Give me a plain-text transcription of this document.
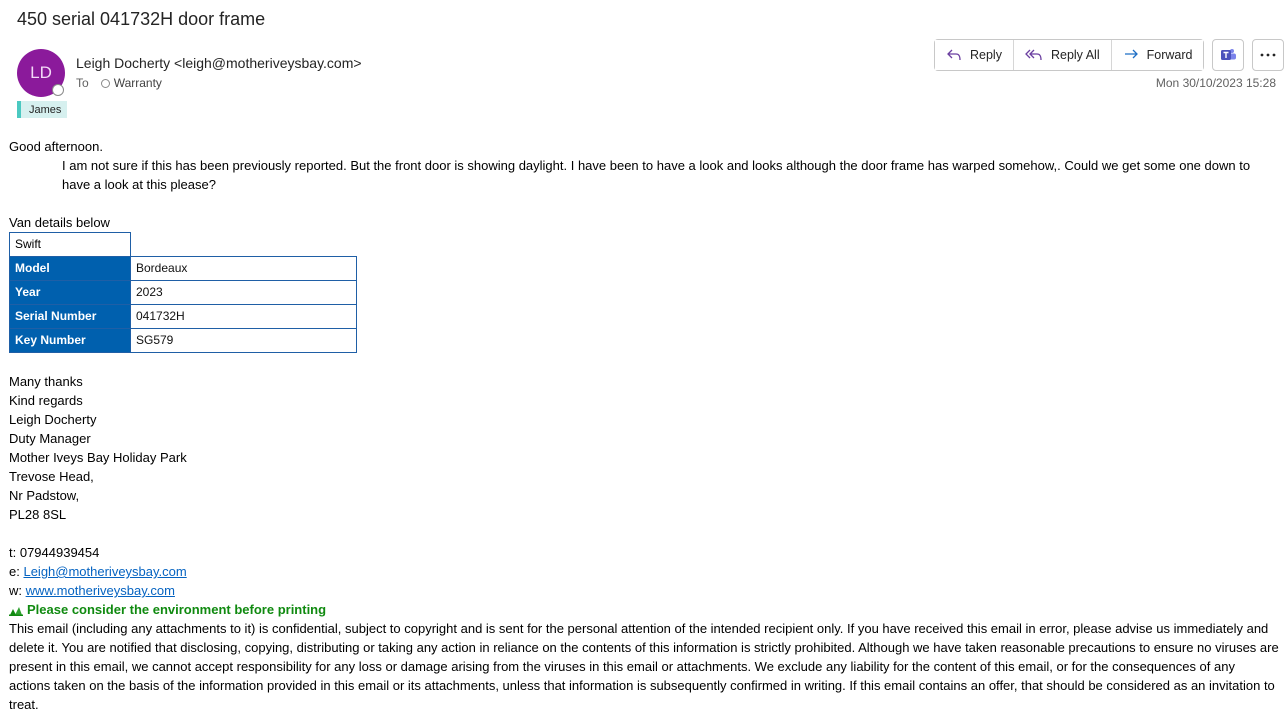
450 serial 041732H door frame
LD	Leigh Docherty <leigh@motheriveysbay.com>
To Warranty
James
Reply	Reply All	Forward
Mon 30/10/2023 15:28

Good afternoon.

I am not sure if this has been previously reported. But the front door is showing daylight. I have been to have a look and looks although the door frame has warped somehow,. Could we get some one down to have a look at this please?

Van details below

Swift	
Model	Bordeaux
Year	2023
Serial Number	041732H
Key Number	SG579

Many thanks

Kind regards

Leigh Docherty

Duty Manager

Mother Iveys Bay Holiday Park

Trevose Head,

Nr Padstow,

PL28 8SL

t: 07944939454

e: Leigh@motheriveysbay.com

w: www.motheriveysbay.com

Please consider the environment before printing

This email (including any attachments to it) is confidential, subject to copyright and is sent for the personal attention of the intended recipient only. If you have received this email in error, please advise us immediately and delete it. You are notified that disclosing, copying, distributing or taking any action in reliance on the contents of this information is strictly prohibited. Although we have taken reasonable precautions to ensure no viruses are present in this email, we cannot accept responsibility for any loss or damage arising from the viruses in this email or attachments. We exclude any liability for the content of this email, or for the consequences of any actions taken on the basis of the information provided in this email or its attachments, unless that information is subsequently confirmed in writing. If this email contains an offer, that should be considered as an invitation to treat.
